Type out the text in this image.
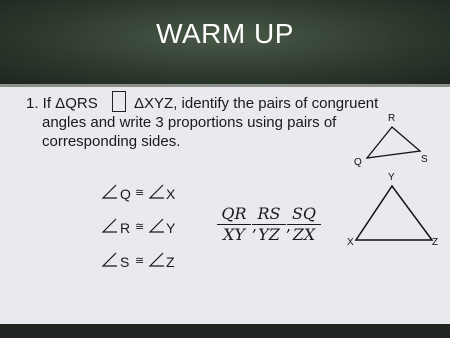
WARM UP
1. If ΔQRS ΔXYZ, identify the pairs of congruent
angles and write 3 proportions using pairs of
corresponding sides.
R
Q	S
Y
X	Z
Q ≅ X
R ≅ Y
S ≅ Z
$\frac{QR}{XY}$ ,
$\frac{RS}{YZ}$ ,
$\frac{SQ}{ZX}$
